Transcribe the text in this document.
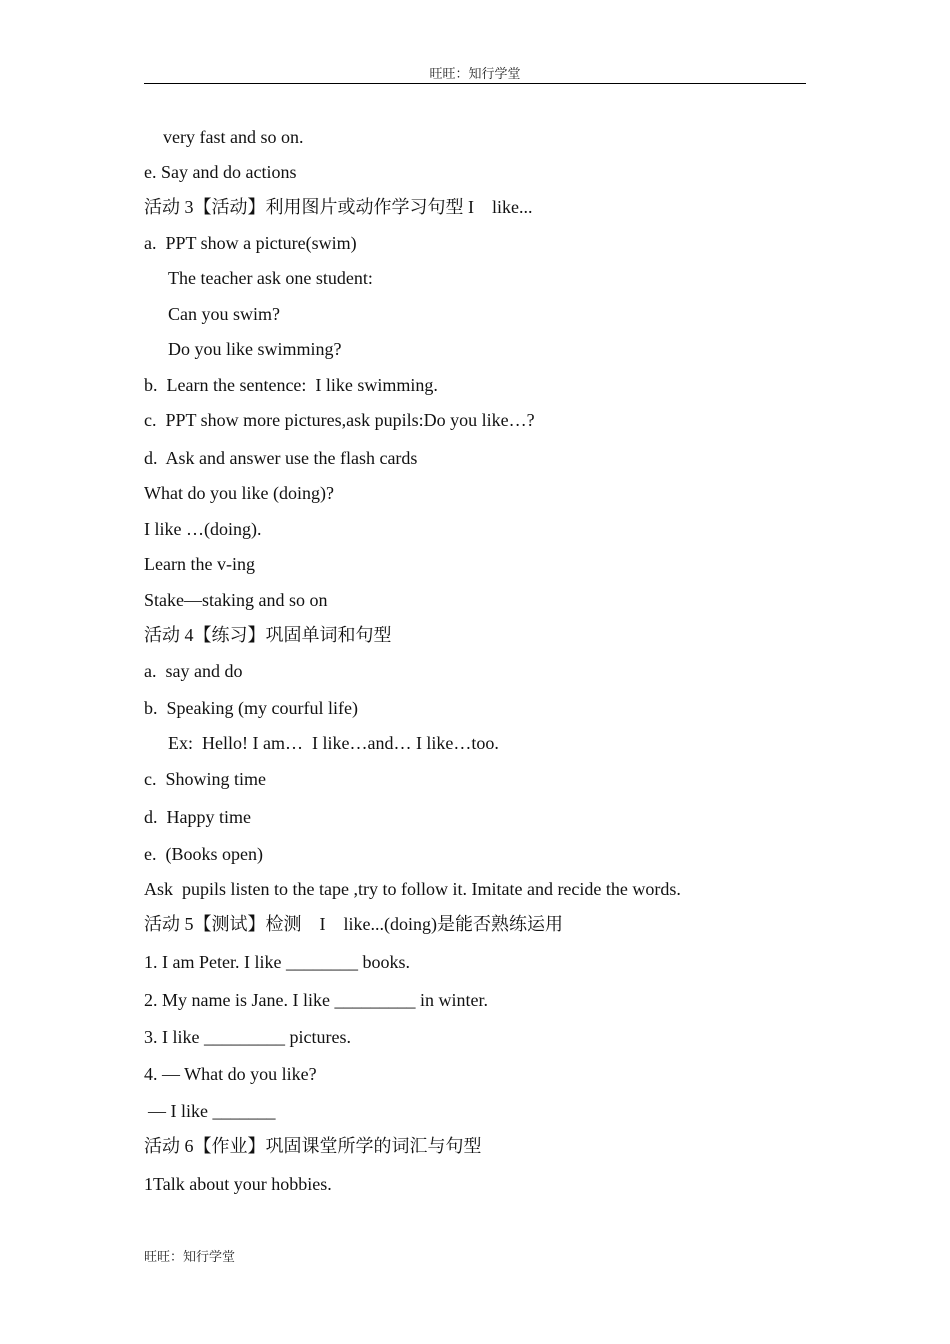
旺旺：知行学堂
very fast and so on.
e. Say and do actions
活动 3【活动】利用图片或动作学习句型 I    like...
a.  PPT show a picture(swim)
The teacher ask one student:
Can you swim?
Do you like swimming?
b.  Learn the sentence:  I like swimming.
c.  PPT show more pictures,ask pupils:Do you like…?
d.  Ask and answer use the flash cards
What do you like (doing)?
I like …(doing).
Learn the v-ing
Stake—staking and so on
活动 4【练习】巩固单词和句型
a.  say and do
b.  Speaking (my courful life)
Ex:  Hello! I am…  I like…and… I like…too.
c.  Showing time
d.  Happy time
e.  (Books open)
Ask  pupils listen to the tape ,try to follow it. Imitate and recide the words.
活动 5【测试】检测    I    like...(doing)是能否熟练运用
1. I am Peter. I like ________ books.
2. My name is Jane. I like _________ in winter.
3. I like _________ pictures.
4. — What do you like?
— I like _______
活动 6【作业】巩固课堂所学的词汇与句型
1Talk about your hobbies.
旺旺：知行学堂
